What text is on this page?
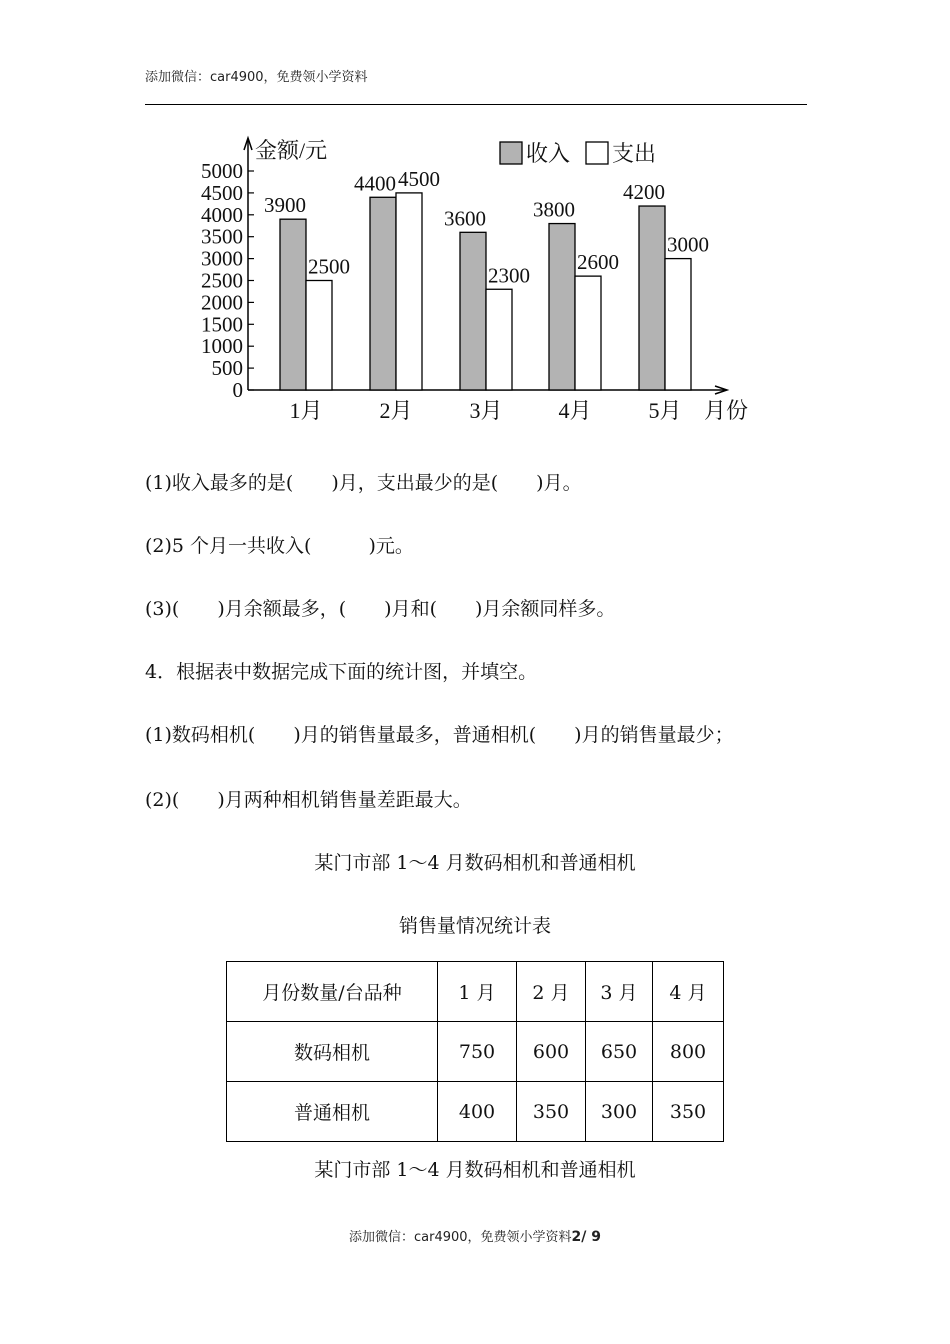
添加微信：car4900，免费领小学资料
0
500
1000
1500
2000
2500
3000
3500
4000
4500
5000
金额/元
月份
3900
2500
1月
4400 4500
2月
3600
2300
3月
3800
2600
4月
4200
3000
5月
收入 支出
(1)收入最多的是(　　)月，支出最少的是(　　)月。
(2)5 个月一共收入(　　　)元。
(3)(　　)月余额最多，(　　)月和(　　)月余额同样多。
4．根据表中数据完成下面的统计图，并填空。
(1)数码相机(　　)月的销售量最多，普通相机(　　)月的销售量最少；
(2)(　　)月两种相机销售量差距最大。
某门市部 1～4 月数码相机和普通相机
销售量情况统计表
月份数量/台品种	1 月	2 月	3 月	4 月
数码相机	750	600	650	800
普通相机	400	350	300	350
某门市部 1～4 月数码相机和普通相机
添加微信：car4900，免费领小学资料2/ 9
